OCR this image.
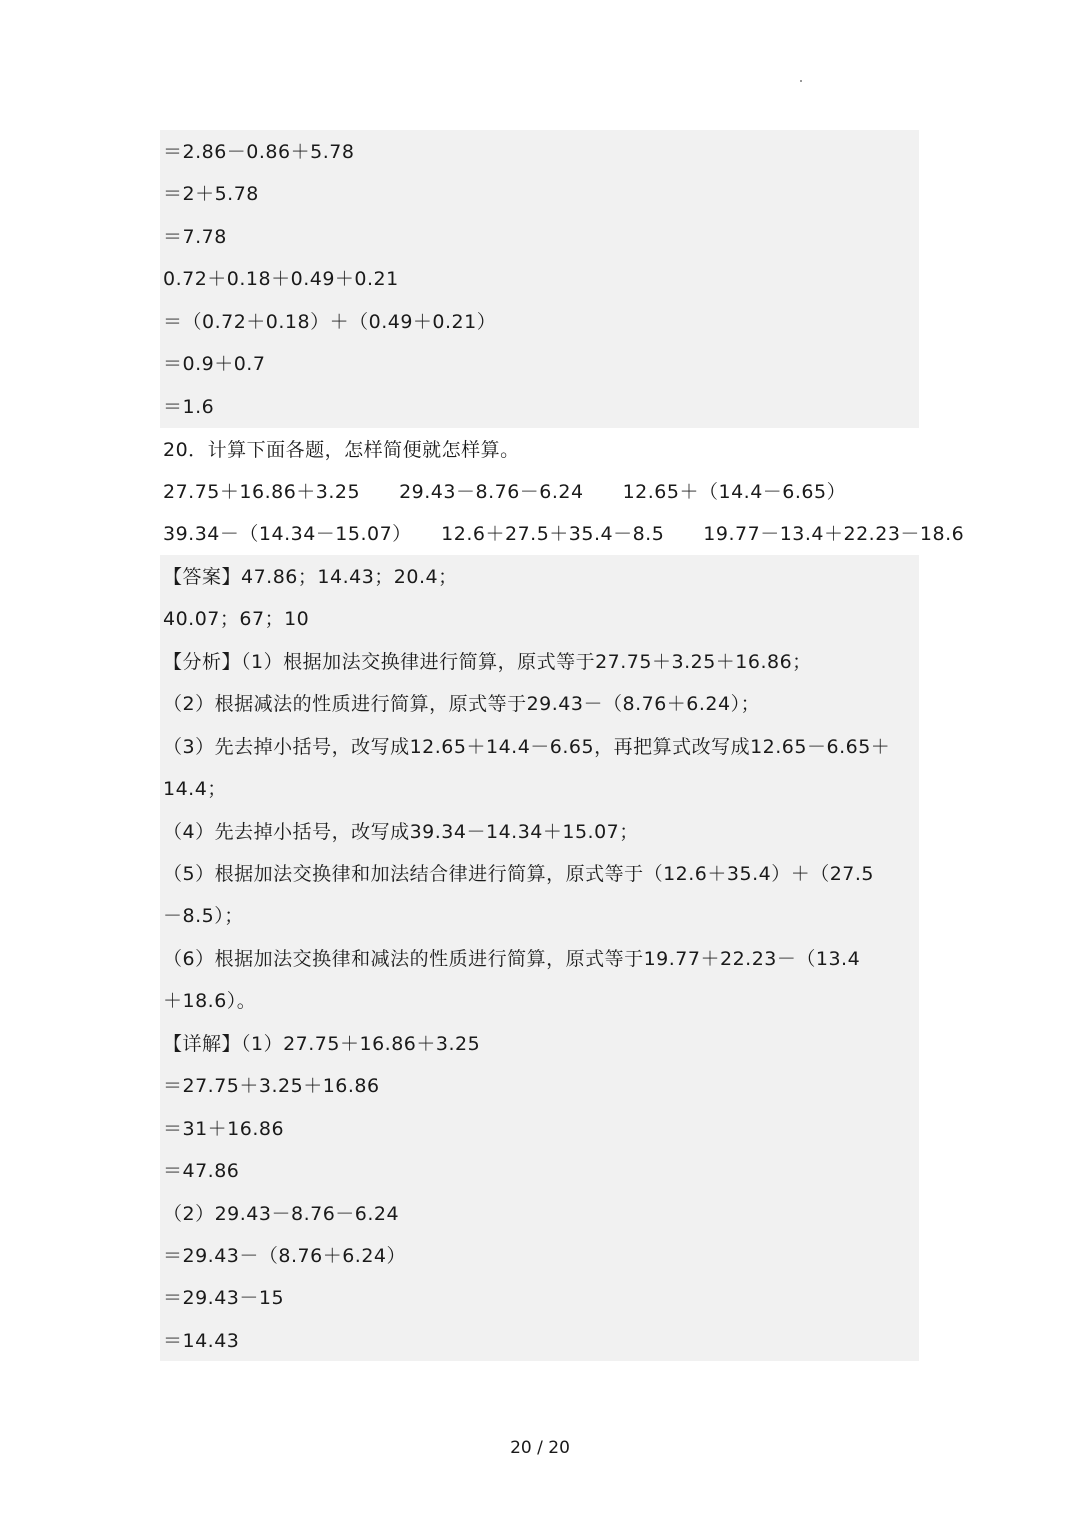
＝2.86－0.86＋5.78
＝2＋5.78
＝7.78
0.72＋0.18＋0.49＋0.21
＝（0.72＋0.18）＋（0.49＋0.21）
＝0.9＋0.7
＝1.6
20．计算下面各题，怎样简便就怎样算。
27.75＋16.86＋3.25　　29.43－8.76－6.24　　12.65＋（14.4－6.65）
39.34－（14.34－15.07）　　12.6＋27.5＋35.4－8.5　　19.77－13.4＋22.23－18.6
【答案】47.86；14.43；20.4；
40.07；67；10
【分析】（1）根据加法交换律进行简算，原式等于27.75＋3.25＋16.86；
（2）根据减法的性质进行简算，原式等于29.43－（8.76＋6.24）；
（3）先去掉小括号，改写成12.65＋14.4－6.65，再把算式改写成12.65－6.65＋
14.4；
（4）先去掉小括号，改写成39.34－14.34＋15.07；
（5）根据加法交换律和加法结合律进行简算，原式等于（12.6＋35.4）＋（27.5
－8.5）；
（6）根据加法交换律和减法的性质进行简算，原式等于19.77＋22.23－（13.4
＋18.6）。
【详解】（1）27.75＋16.86＋3.25
＝27.75＋3.25＋16.86
＝31＋16.86
＝47.86
（2）29.43－8.76－6.24
＝29.43－（8.76＋6.24）
＝29.43－15
＝14.43
20 / 20
